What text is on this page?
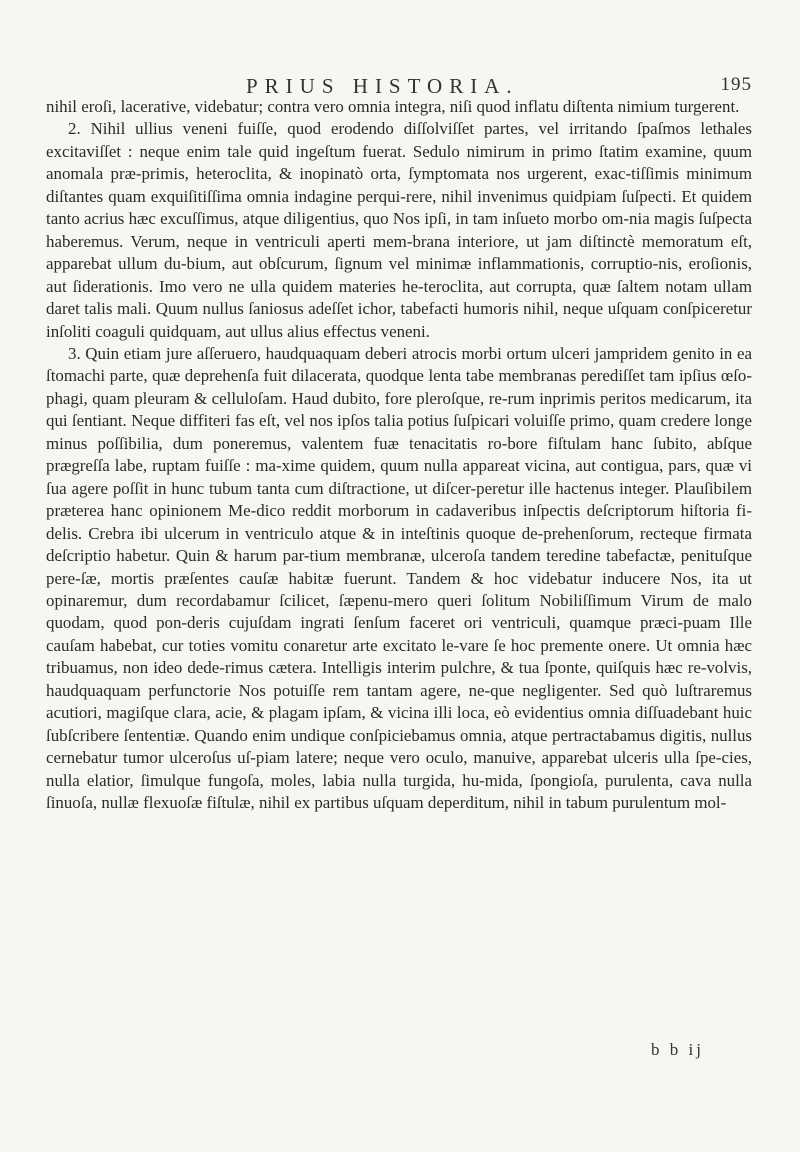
PRIUS HISTORIA.	195

nihil eroſi, lacerative, videbatur; contra vero omnia integra, niſi quod inflatu diſtenta nimium turgerent.

2. Nihil ullius veneni fuiſſe, quod erodendo diſſolviſſet partes, vel irritando ſpaſmos lethales excitaviſſet : neque enim tale quid ingeſtum fuerat. Sedulo nimirum in primo ſtatim examine, quum anomala præ-primis, heteroclita, & inopinatò orta, ſymptomata nos urgerent, exac-tiſſimis minimum diſtantes quam exquiſitiſſima omnia indagine perqui-rere, nihil invenimus quidpiam ſuſpecti. Et quidem tanto acrius hæc excuſſimus, atque diligentius, quo Nos ipſi, in tam inſueto morbo om-nia magis ſuſpecta haberemus. Verum, neque in ventriculi aperti mem-brana interiore, ut jam diſtinctè memoratum eſt, apparebat ullum du-bium, aut obſcurum, ſignum vel minimæ inflammationis, corruptio-nis, eroſionis, aut ſiderationis. Imo vero ne ulla quidem materies he-teroclita, aut corrupta, quæ ſaltem notam ullam daret talis mali. Quum nullus ſaniosus adeſſet ichor, tabefacti humoris nihil, neque uſquam conſpiceretur inſoliti coaguli quidquam, aut ullus alius effectus veneni.

3. Quin etiam jure aſſeruero, haudquaquam deberi atrocis morbi ortum ulceri jampridem genito in ea ſtomachi parte, quæ deprehenſa fuit dilacerata, quodque lenta tabe membranas perediſſet tam ipſius œſo-phagi, quam pleuram & celluloſam. Haud dubito, fore pleroſque, re-rum inprimis peritos medicarum, ita qui ſentiant. Neque diffiteri fas eſt, vel nos ipſos talia potius ſuſpicari voluiſſe primo, quam credere longe minus poſſibilia, dum poneremus, valentem fuæ tenacitatis ro-bore fiſtulam hanc ſubito, abſque prægreſſa labe, ruptam fuiſſe : ma-xime quidem, quum nulla appareat vicina, aut contigua, pars, quæ vi ſua agere poſſit in hunc tubum tanta cum diſtractione, ut diſcer-peretur ille hactenus integer. Plauſibilem præterea hanc opinionem Me-dico reddit morborum in cadaveribus inſpectis deſcriptorum hiſtoria fi-delis. Crebra ibi ulcerum in ventriculo atque & in inteſtinis quoque de-prehenſorum, recteque firmata deſcriptio habetur. Quin & harum par-tium membranæ, ulceroſa tandem teredine tabefactæ, penituſque pere-ſæ, mortis præſentes cauſæ habitæ fuerunt. Tandem & hoc videbatur inducere Nos, ita ut opinaremur, dum recordabamur ſcilicet, ſæpenu-mero queri ſolitum Nobiliſſimum Virum de malo quodam, quod pon-deris cujuſdam ingrati ſenſum faceret ori ventriculi, quamque præci-puam Ille cauſam habebat, cur toties vomitu conaretur arte excitato le-vare ſe hoc premente onere. Ut omnia hæc tribuamus, non ideo dede-rimus cætera. Intelligis interim pulchre, & tua ſponte, quiſquis hæc re-volvis, haudquaquam perfunctorie Nos potuiſſe rem tantam agere, ne-que negligenter. Sed quò luſtraremus acutiori, magiſque clara, acie, & plagam ipſam, & vicina illi loca, eò evidentius omnia diſſuadebant huic ſubſcribere ſententiæ. Quando enim undique conſpiciebamus omnia, atque pertractabamus digitis, nullus cernebatur tumor ulceroſus uſ-piam latere; neque vero oculo, manuive, apparebat ulceris ulla ſpe-cies, nulla elatior, ſimulque fungoſa, moles, labia nulla turgida, hu-mida, ſpongioſa, purulenta, cava nulla ſinuoſa, nullæ flexuoſæ fiſtulæ, nihil ex partibus uſquam deperditum, nihil in tabum purulentum mol-

b b ij
